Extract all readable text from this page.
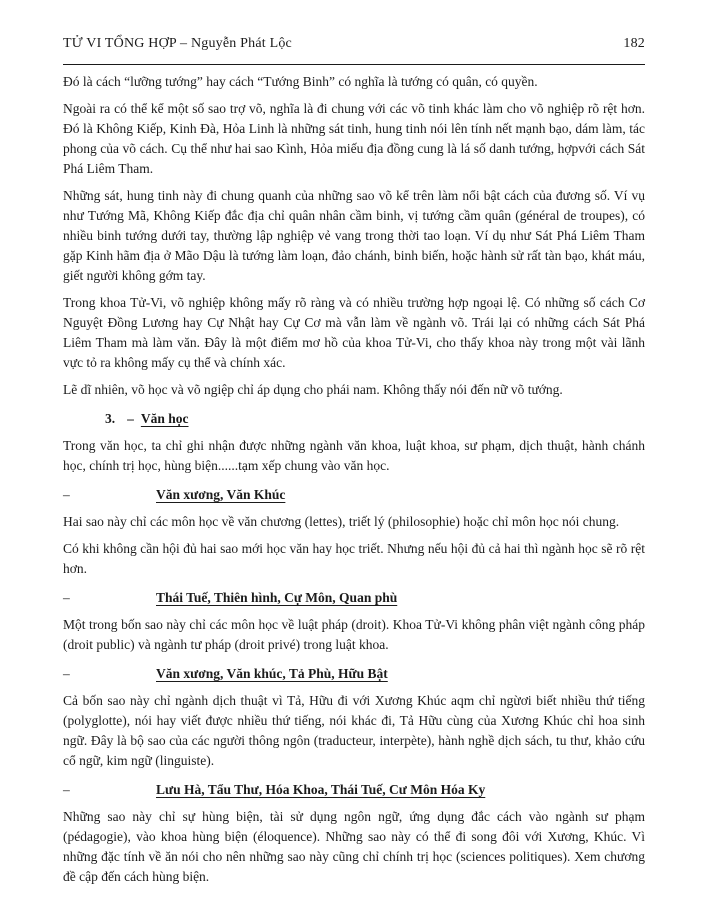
TỬ VI TỔNG HỢP – Nguyễn Phát Lộc	182

Đó là cách “lưỡng tướng” hay cách “Tướng Binh” có nghĩa là tướng có quân, có quyền.

Ngoài ra có thể kể một số sao trợ võ, nghĩa là đi chung với các võ tinh khác làm cho võ nghiệp rõ rệt hơn. Đó là Không Kiếp, Kinh Đà, Hỏa Linh là những sát tinh, hung tinh nói lên tính nết mạnh bạo, dám làm, tác phong của võ cách. Cụ thể như hai sao Kình, Hỏa miếu địa đồng cung là lá số danh tướng, hợpvới cách Sát Phá Liêm Tham.

Những sát, hung tinh này đi chung quanh của những sao võ kể trên làm nổi bật cách của đương số. Ví vụ như Tướng Mã, Không Kiếp đắc địa chỉ quân nhân cầm binh, vị tướng cầm quân (général de troupes), có nhiều binh tướng dưới tay, thường lập nghiệp vẻ vang trong thời tao loạn. Ví dụ như Sát Phá Liêm Tham gặp Kinh hãm địa ở Mão Dậu là tướng làm loạn, đảo chánh, binh biến, hoặc hành sử rất tàn bạo, khát máu, giết người không gớm tay.

Trong khoa Tử-Vi, võ nghiệp không mấy rõ ràng và có nhiều trường hợp ngoại lệ. Có những số cách Cơ Nguyệt Đồng Lương hay Cự Nhật hay Cự Cơ mà vẫn làm về ngành võ. Trái lại có những cách Sát Phá Liêm Tham mà làm văn. Đây là một điểm mơ hồ của khoa Tử-Vi, cho thấy khoa này trong một vài lãnh vực tỏ ra không mấy cụ thể và chính xác.

Lẽ dĩ nhiên, võ học và võ ngiệp chỉ áp dụng cho phái nam. Không thấy nói đến nữ võ tướng.

3. – Văn học

Trong văn học, ta chỉ ghi nhận được những ngành văn khoa, luật khoa, sư phạm, dịch thuật, hành chánh học, chính trị học, hùng biện......tạm xếp chung vào văn học.

–	Văn xương, Văn Khúc

Hai sao này chỉ các môn học về văn chương (lettes), triết lý (philosophie) hoặc chỉ môn học nói chung.

Có khi không cần hội đủ hai sao mới học văn hay học triết. Nhưng nếu hội đủ cả hai thì ngành học sẽ rõ rệt hơn.

–	Thái Tuế, Thiên hình, Cự Môn, Quan phù

Một trong bốn sao này chỉ các môn học về luật pháp (droit). Khoa Tử-Vi không phân việt ngành công pháp (droit public) và ngành tư pháp (droit privé) trong luật khoa.

–	Văn xương, Văn khúc, Tả Phù, Hữu Bật

Cả bốn sao này chỉ ngành dịch thuật vì Tả, Hữu đi với Xương Khúc aqm chỉ ngừơi biết nhiều thứ tiếng (polyglotte), nói hay viết được nhiều thứ tiếng, nói khác đi, Tả Hữu cùng của Xương Khúc chỉ hoa sinh ngữ. Đây là bộ sao của các người thông ngôn (traducteur, interpète), hành nghề dịch sách, tu thư, khảo cứu cổ ngữ, kim ngữ (linguiste).

–	Lưu Hà, Tẩu Thư, Hóa Khoa, Thái Tuế, Cư Môn Hóa Ky

Những sao này chỉ sự hùng biện, tài sử dụng ngôn ngữ, ứng dụng đắc cách vào ngành sư phạm (pédagogie), vào khoa hùng biện (éloquence). Những sao này có thể đi song đôi với Xương, Khúc. Vì những đặc tính về ăn nói cho nên những sao này cũng chỉ chính trị học (sciences politiques). Xem chương đề cập đến cách hùng biện.
